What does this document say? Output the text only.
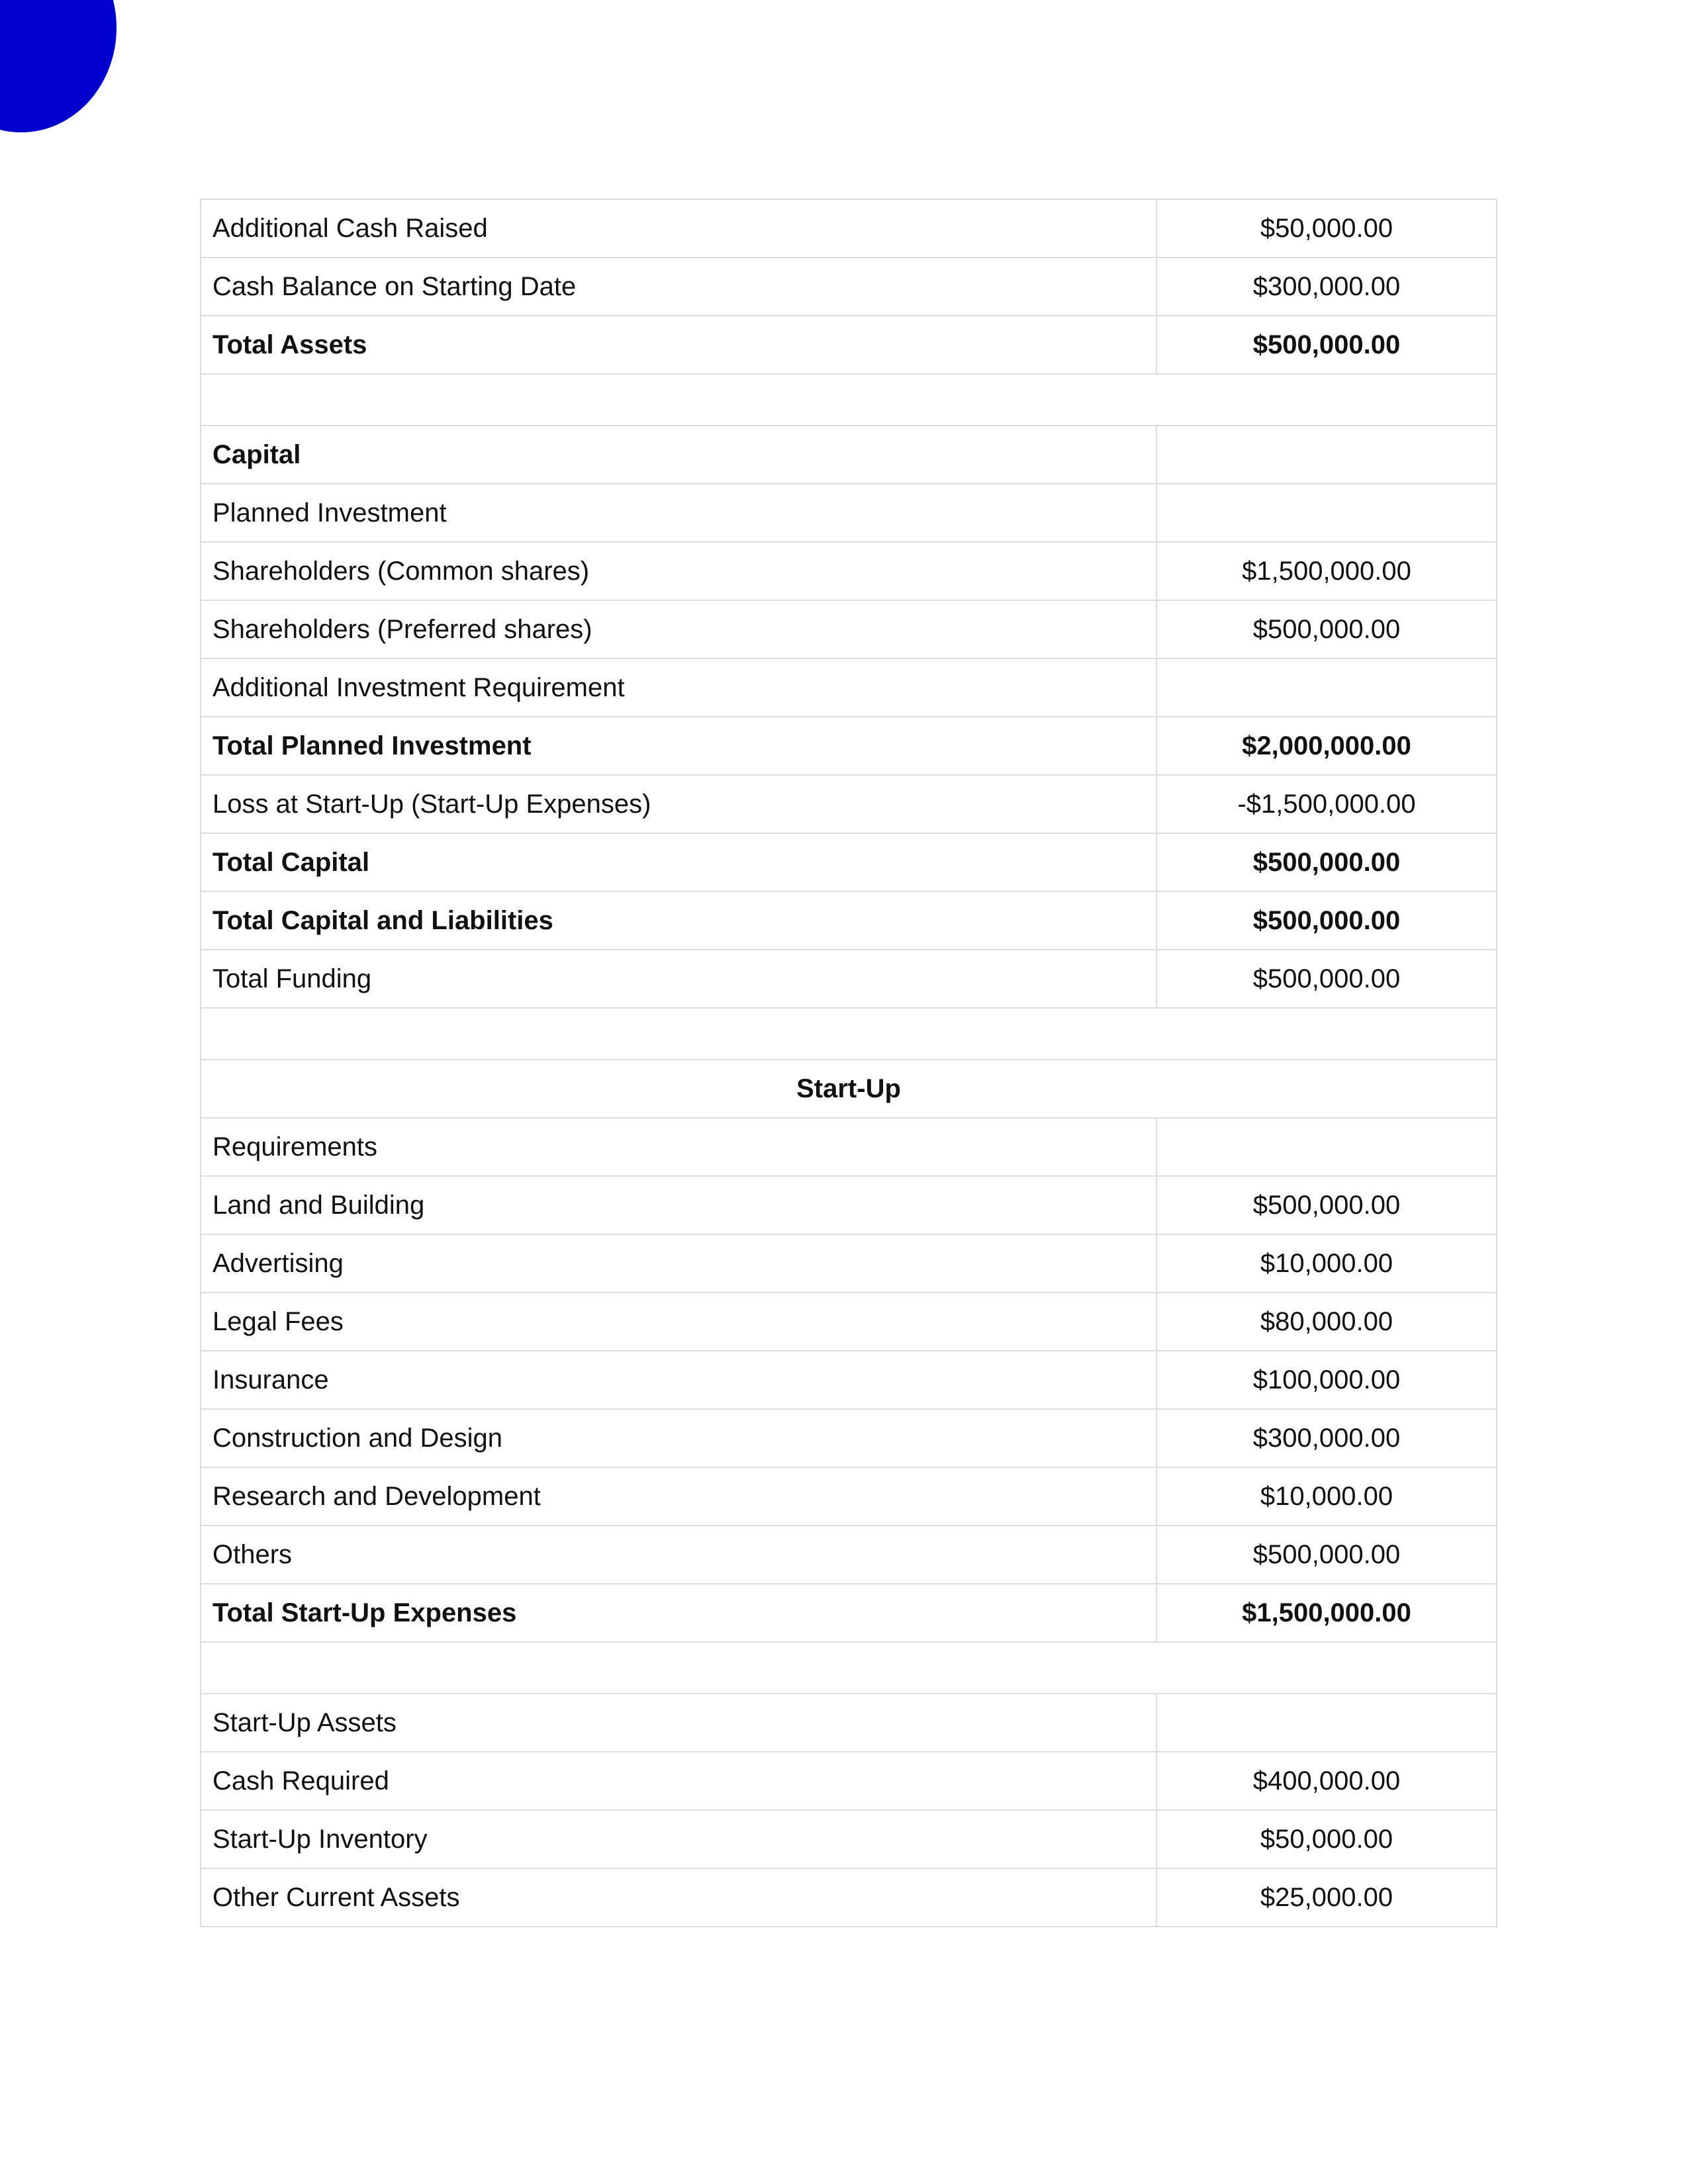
Additional Cash Raised	$50,000.00
Cash Balance on Starting Date	$300,000.00
Total Assets	$500,000.00

Capital	
Planned Investment	
Shareholders (Common shares)	$1,500,000.00
Shareholders (Preferred shares)	$500,000.00
Additional Investment Requirement	
Total Planned Investment	$2,000,000.00
Loss at Start-Up (Start-Up Expenses)	-$1,500,000.00
Total Capital	$500,000.00
Total Capital and Liabilities	$500,000.00
Total Funding	$500,000.00

Start-Up	
Requirements	
Land and Building	$500,000.00
Advertising	$10,000.00
Legal Fees	$80,000.00
Insurance	$100,000.00
Construction and Design	$300,000.00
Research and Development	$10,000.00
Others	$500,000.00
Total Start-Up Expenses	$1,500,000.00

Start-Up Assets	
Cash Required	$400,000.00
Start-Up Inventory	$50,000.00
Other Current Assets	$25,000.00
